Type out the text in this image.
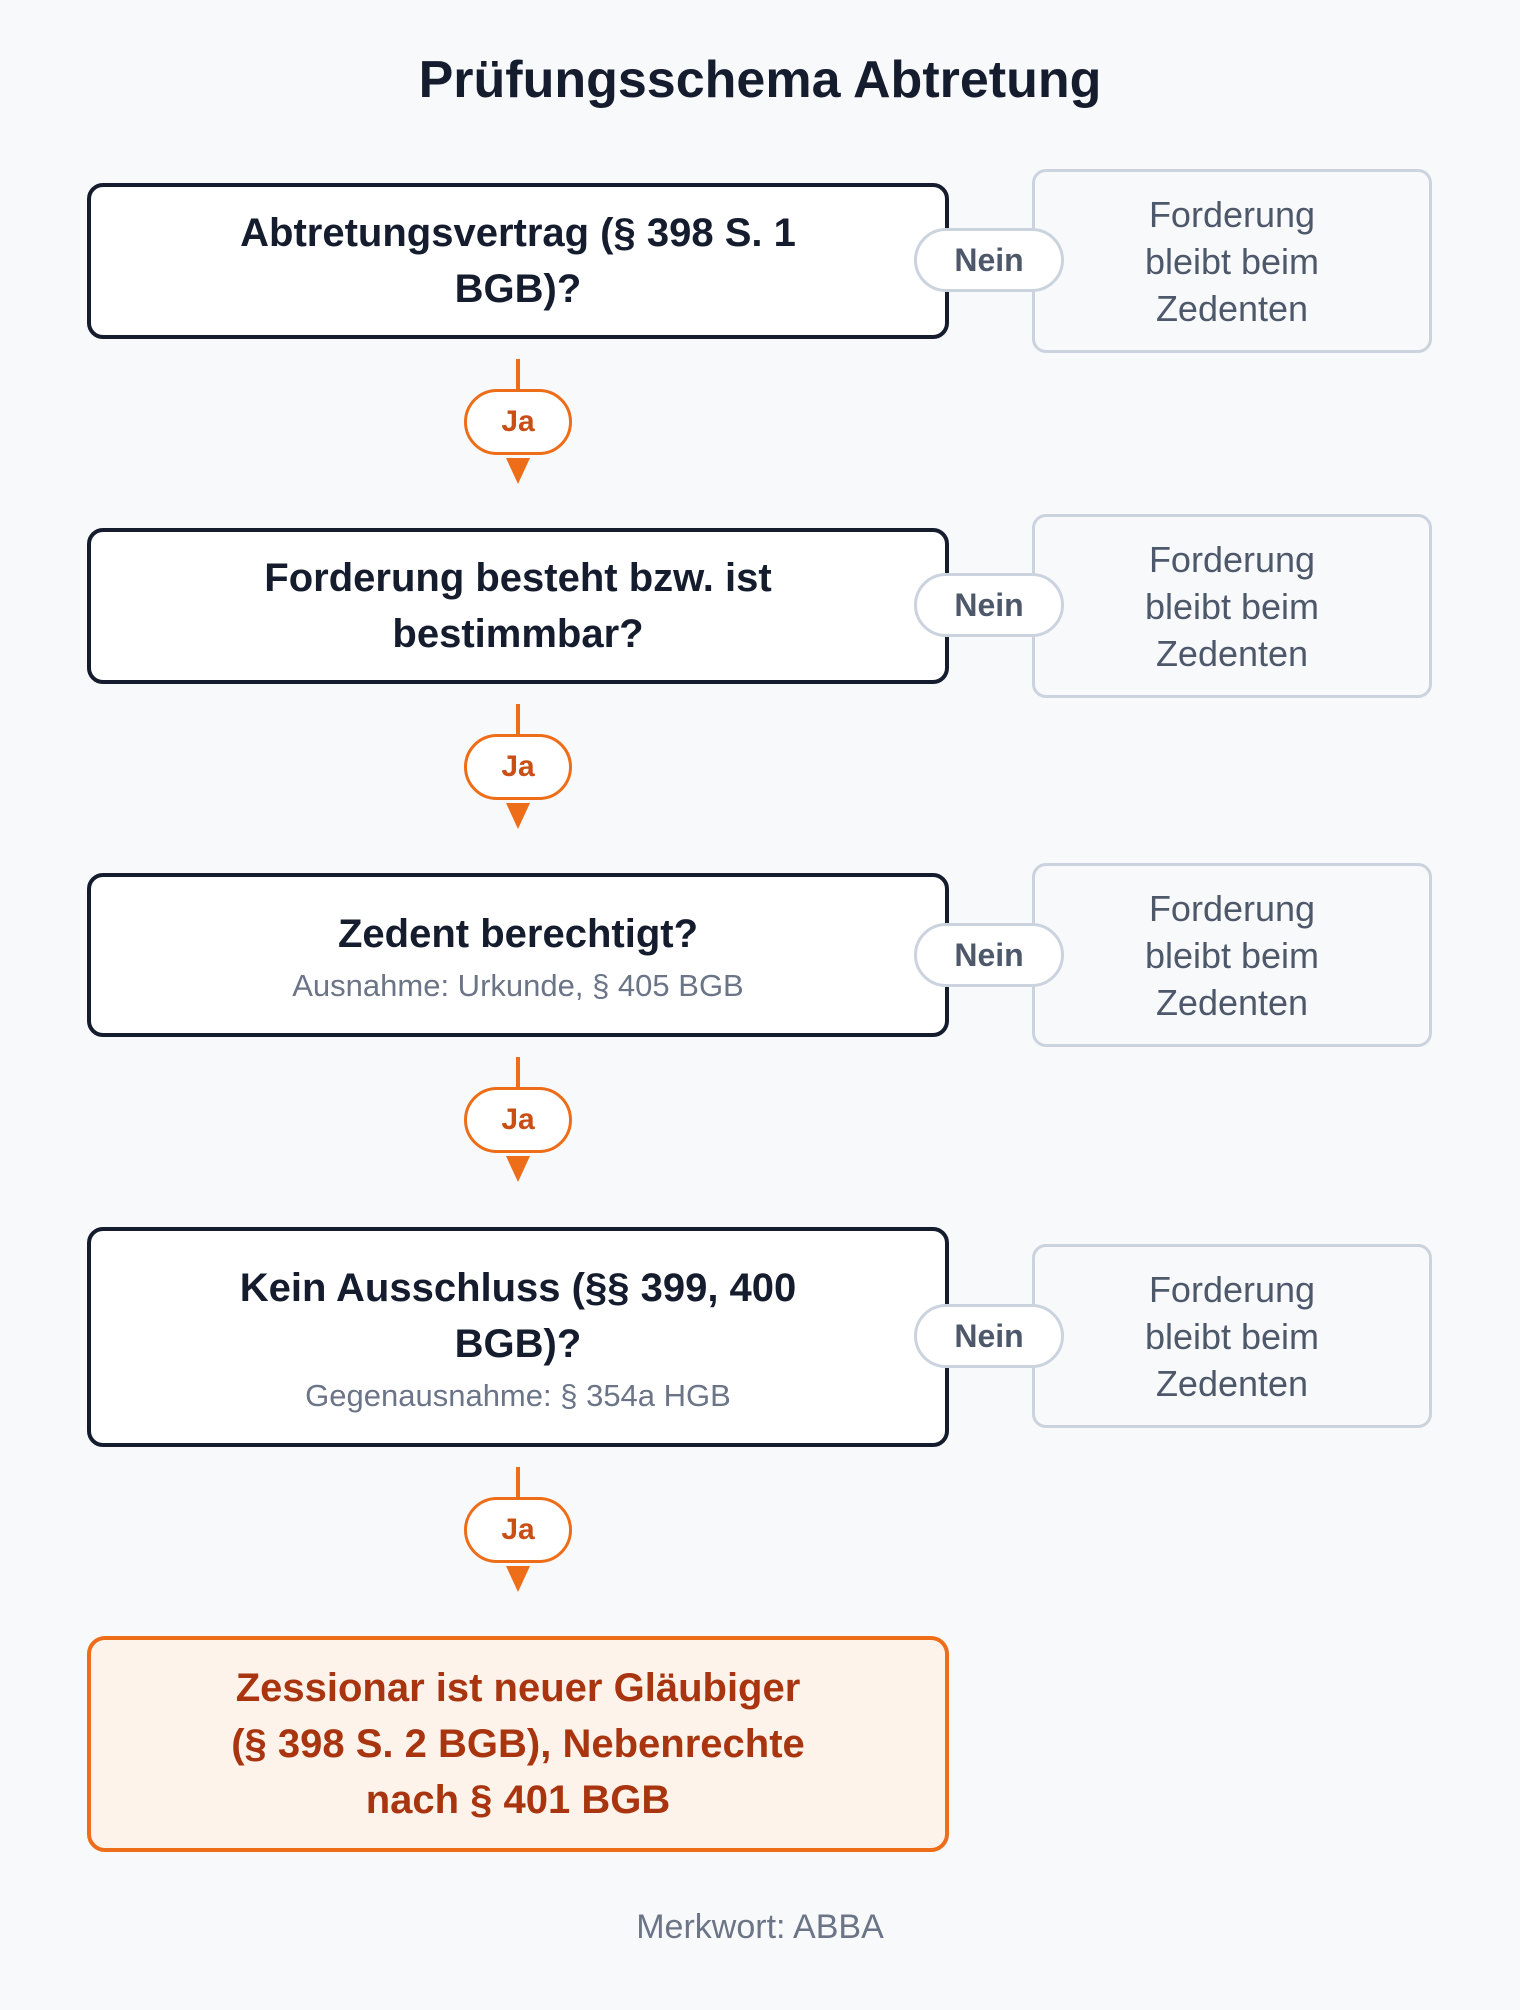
Prüfungsschema Abtretung
Abtretungsvertrag (§ 398 S. 1 BGB)?
Forderung bleibt beim Zedenten
Nein
Ja
Forderung besteht bzw. ist bestimmbar?
Forderung bleibt beim Zedenten
Nein
Ja
Zedent berechtigt?
Ausnahme: Urkunde, § 405 BGB
Forderung bleibt beim Zedenten
Nein
Ja
Kein Ausschluss (§§ 399, 400 BGB)?
Gegenausnahme: § 354a HGB
Forderung bleibt beim Zedenten
Nein
Ja
Zessionar ist neuer Gläubiger (§ 398 S. 2 BGB), Nebenrechte nach § 401 BGB
Merkwort: ABBA
